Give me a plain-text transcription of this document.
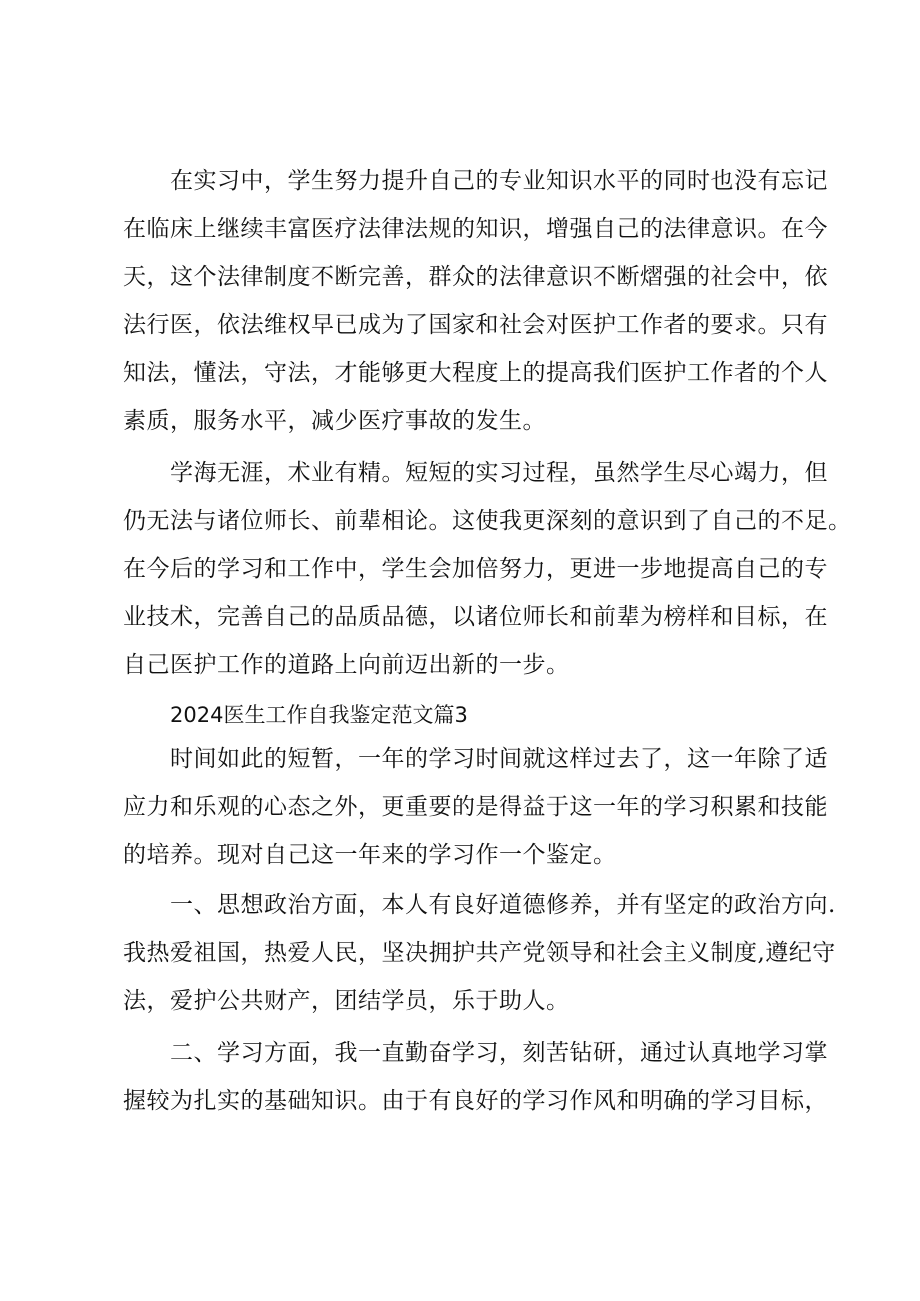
在实习中，学生努力提升自己的专业知识水平的同时也没有忘记
在临床上继续丰富医疗法律法规的知识，增强自己的法律意识。在今
天，这个法律制度不断完善，群众的法律意识不断熠强的社会中，依
法行医，依法维权早已成为了国家和社会对医护工作者的要求。只有
知法，懂法，守法，才能够更大程度上的提高我们医护工作者的个人
素质，服务水平，减少医疗事故的发生。
学海无涯，术业有精。短短的实习过程，虽然学生尽心竭力，但
仍无法与诸位师长、前辈相论。这使我更深刻的意识到了自己的不足。
在今后的学习和工作中，学生会加倍努力，更进一步地提高自己的专
业技术，完善自己的品质品德，以诸位师长和前辈为榜样和目标，在
自己医护工作的道路上向前迈出新的一步。
2024医生工作自我鉴定范文篇3
时间如此的短暂，一年的学习时间就这样过去了，这一年除了适
应力和乐观的心态之外，更重要的是得益于这一年的学习积累和技能
的培养。现对自己这一年来的学习作一个鉴定。
一、思想政治方面，本人有良好道德修养，并有坚定的政治方向.
我热爱祖国，热爱人民，坚决拥护共产党领导和社会主义制度,遵纪守
法，爱护公共财产，团结学员，乐于助人。
二、学习方面，我一直勤奋学习，刻苦钻研，通过认真地学习掌
握较为扎实的基础知识。由于有良好的学习作风和明确的学习目标，
